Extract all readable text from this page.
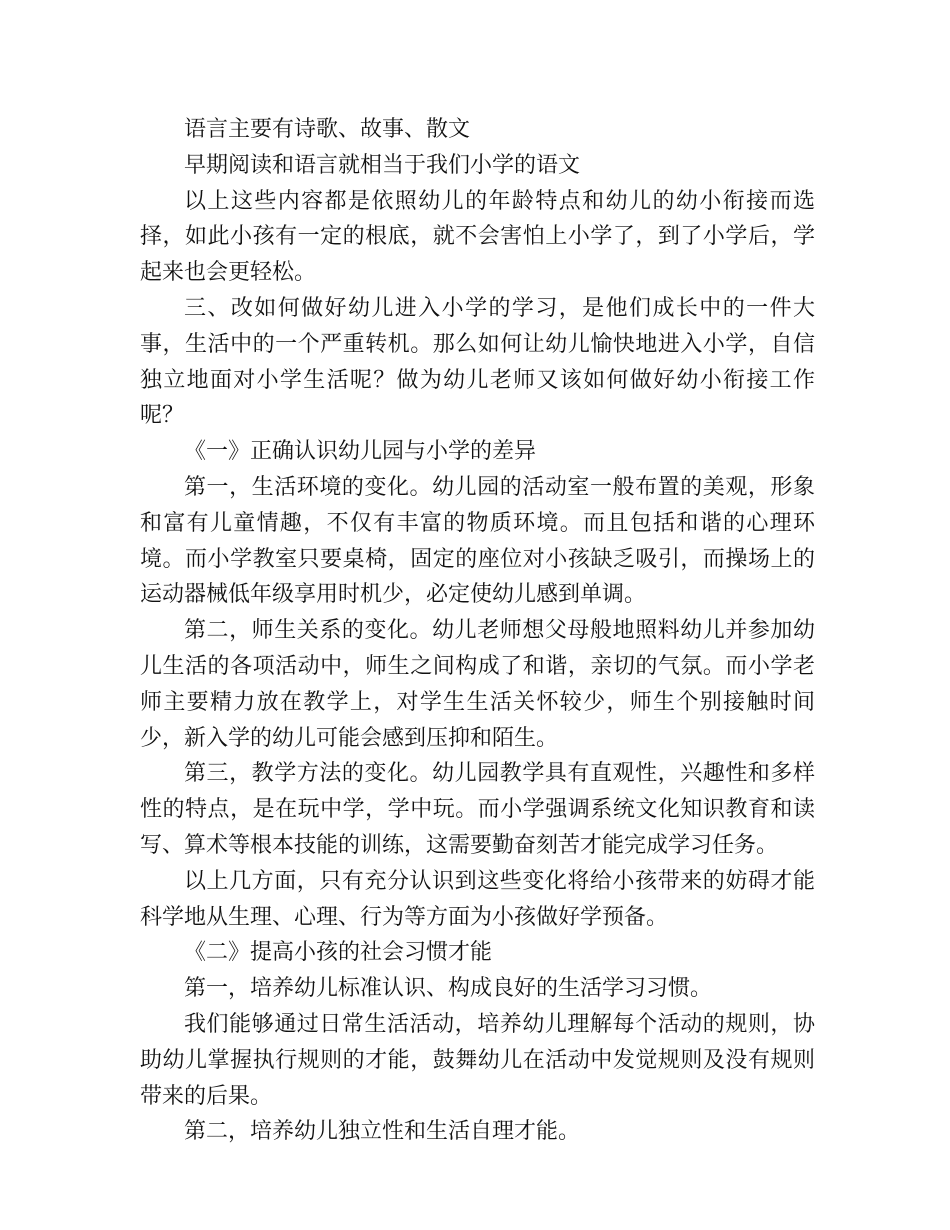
语言主要有诗歌、故事、散文

早期阅读和语言就相当于我们小学的语文

以上这些内容都是依照幼儿的年龄特点和幼儿的幼小衔接而选择，如此小孩有一定的根底，就不会害怕上小学了，到了小学后，学起来也会更轻松。

三、改如何做好幼儿进入小学的学习，是他们成长中的一件大事，生活中的一个严重转机。那么如何让幼儿愉快地进入小学，自信独立地面对小学生活呢？做为幼儿老师又该如何做好幼小衔接工作呢？

《一》正确认识幼儿园与小学的差异

第一，生活环境的变化。幼儿园的活动室一般布置的美观，形象和富有儿童情趣，不仅有丰富的物质环境。而且包括和谐的心理环境。而小学教室只要桌椅，固定的座位对小孩缺乏吸引，而操场上的运动器械低年级享用时机少，必定使幼儿感到单调。

第二，师生关系的变化。幼儿老师想父母般地照料幼儿并参加幼儿生活的各项活动中，师生之间构成了和谐，亲切的气氛。而小学老师主要精力放在教学上，对学生生活关怀较少，师生个别接触时间少，新入学的幼儿可能会感到压抑和陌生。

第三，教学方法的变化。幼儿园教学具有直观性，兴趣性和多样性的特点，是在玩中学，学中玩。而小学强调系统文化知识教育和读写、算术等根本技能的训练，这需要勤奋刻苦才能完成学习任务。

以上几方面，只有充分认识到这些变化将给小孩带来的妨碍才能科学地从生理、心理、行为等方面为小孩做好学预备。

《二》提高小孩的社会习惯才能

第一，培养幼儿标准认识、构成良好的生活学习习惯。

我们能够通过日常生活活动，培养幼儿理解每个活动的规则，协助幼儿掌握执行规则的才能，鼓舞幼儿在活动中发觉规则及没有规则带来的后果。

第二，培养幼儿独立性和生活自理才能。
